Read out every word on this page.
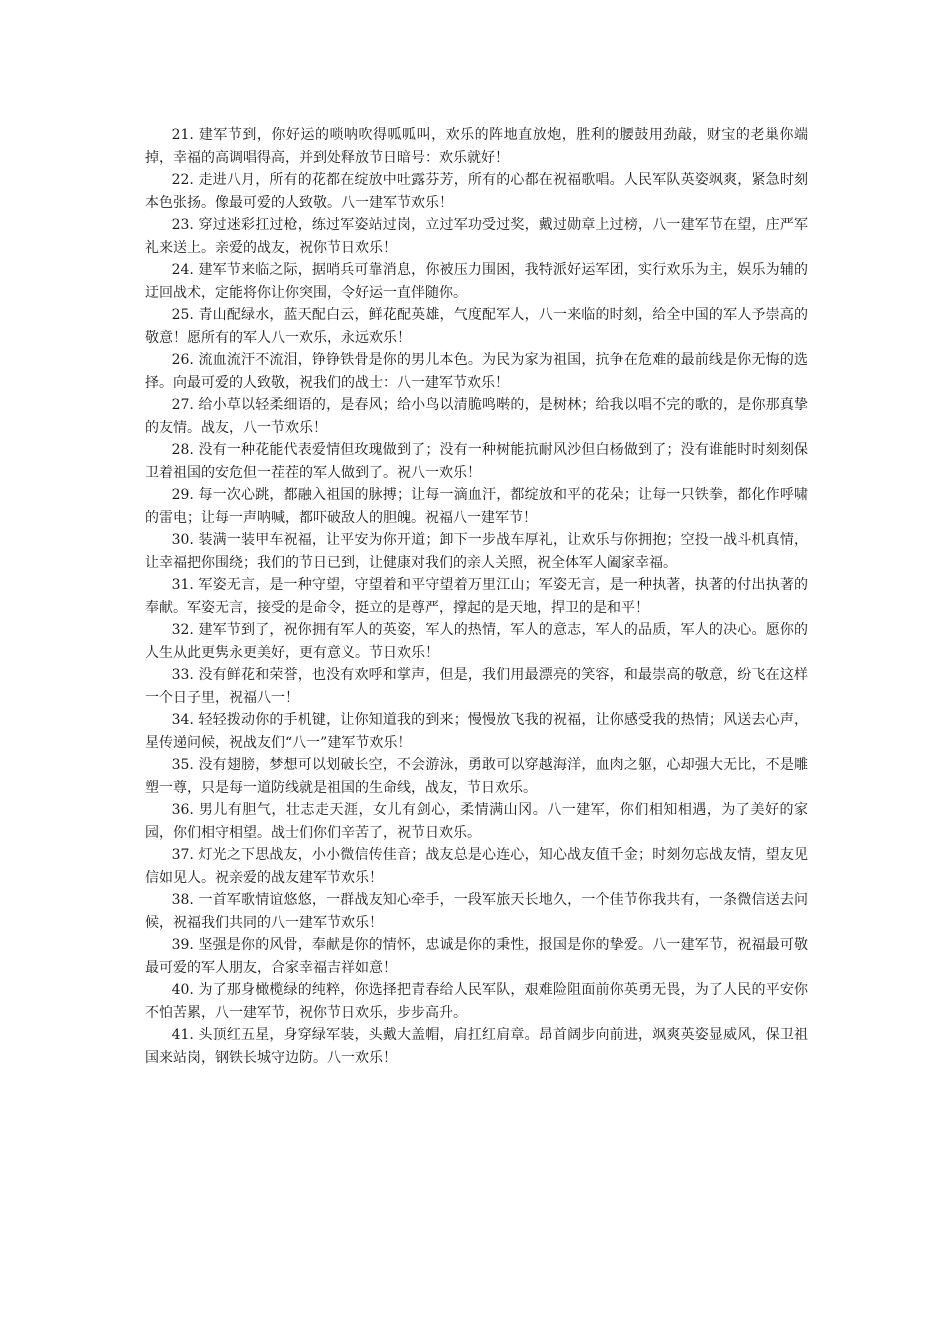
21. 建军节到，你好运的唢呐吹得呱呱叫，欢乐的阵地直放炮，胜利的腰鼓用劲敲，财宝的老巢你端掉，幸福的高调唱得高，并到处释放节日暗号：欢乐就好！

22. 走进八月，所有的花都在绽放中吐露芬芳，所有的心都在祝福歌唱。人民军队英姿飒爽，紧急时刻本色张扬。像最可爱的人致敬。八一建军节欢乐！

23. 穿过迷彩扛过枪，练过军姿站过岗，立过军功受过奖，戴过勋章上过榜，八一建军节在望，庄严军礼来送上。亲爱的战友，祝你节日欢乐！

24. 建军节来临之际，据哨兵可靠消息，你被压力围困，我特派好运军团，实行欢乐为主，娱乐为辅的迂回战术，定能将你让你突围，令好运一直伴随你。

25. 青山配绿水，蓝天配白云，鲜花配英雄，气度配军人，八一来临的时刻，给全中国的军人予崇高的敬意！愿所有的军人八一欢乐，永远欢乐！

26. 流血流汗不流泪，铮铮铁骨是你的男儿本色。为民为家为祖国，抗争在危难的最前线是你无悔的选择。向最可爱的人致敬，祝我们的战士：八一建军节欢乐！

27. 给小草以轻柔细语的，是春风；给小鸟以清脆鸣啭的，是树林；给我以唱不完的歌的，是你那真挚的友情。战友，八一节欢乐！

28. 没有一种花能代表爱情但玫瑰做到了；没有一种树能抗耐风沙但白杨做到了；没有谁能时时刻刻保卫着祖国的安危但一茬茬的军人做到了。祝八一欢乐！

29. 每一次心跳，都融入祖国的脉搏；让每一滴血汗，都绽放和平的花朵；让每一只铁拳，都化作呼啸的雷电；让每一声呐喊，都吓破敌人的胆魄。祝福八一建军节！

30. 装满一装甲车祝福，让平安为你开道；卸下一步战车厚礼，让欢乐与你拥抱；空投一战斗机真情，让幸福把你围绕；我们的节日已到，让健康对我们的亲人关照，祝全体军人阖家幸福。

31. 军姿无言，是一种守望，守望着和平守望着万里江山；军姿无言，是一种执著，执著的付出执著的奉献。军姿无言，接受的是命令，挺立的是尊严，撑起的是天地，捍卫的是和平！

32. 建军节到了，祝你拥有军人的英姿，军人的热情，军人的意志，军人的品质，军人的决心。愿你的人生从此更隽永更美好，更有意义。节日欢乐！

33. 没有鲜花和荣誉，也没有欢呼和掌声，但是，我们用最漂亮的笑容，和最崇高的敬意，纷飞在这样一个日子里，祝福八一！

34. 轻轻拨动你的手机键，让你知道我的到来；慢慢放飞我的祝福，让你感受我的热情；风送去心声，星传递问候，祝战友们“八一”建军节欢乐！

35. 没有翅膀，梦想可以划破长空，不会游泳，勇敢可以穿越海洋，血肉之躯，心却强大无比，不是雕塑一尊，只是每一道防线就是祖国的生命线，战友，节日欢乐。

36. 男儿有胆气，壮志走天涯，女儿有剑心，柔情满山冈。八一建军，你们相知相遇，为了美好的家园，你们相守相望。战士们你们辛苦了，祝节日欢乐。

37. 灯光之下思战友，小小微信传佳音；战友总是心连心，知心战友值千金；时刻勿忘战友情，望友见信如见人。祝亲爱的战友建军节欢乐！

38. 一首军歌情谊悠悠，一群战友知心牵手，一段军旅天长地久，一个佳节你我共有，一条微信送去问候，祝福我们共同的八一建军节欢乐！

39. 坚强是你的风骨，奉献是你的情怀，忠诚是你的秉性，报国是你的挚爱。八一建军节，祝福最可敬最可爱的军人朋友，合家幸福吉祥如意！

40. 为了那身橄榄绿的纯粹，你选择把青春给人民军队，艰难险阻面前你英勇无畏，为了人民的平安你不怕苦累，八一建军节，祝你节日欢乐，步步高升。

41. 头顶红五星，身穿绿军装，头戴大盖帽，肩扛红肩章。昂首阔步向前进，飒爽英姿显威风，保卫祖国来站岗，钢铁长城守边防。八一欢乐！
